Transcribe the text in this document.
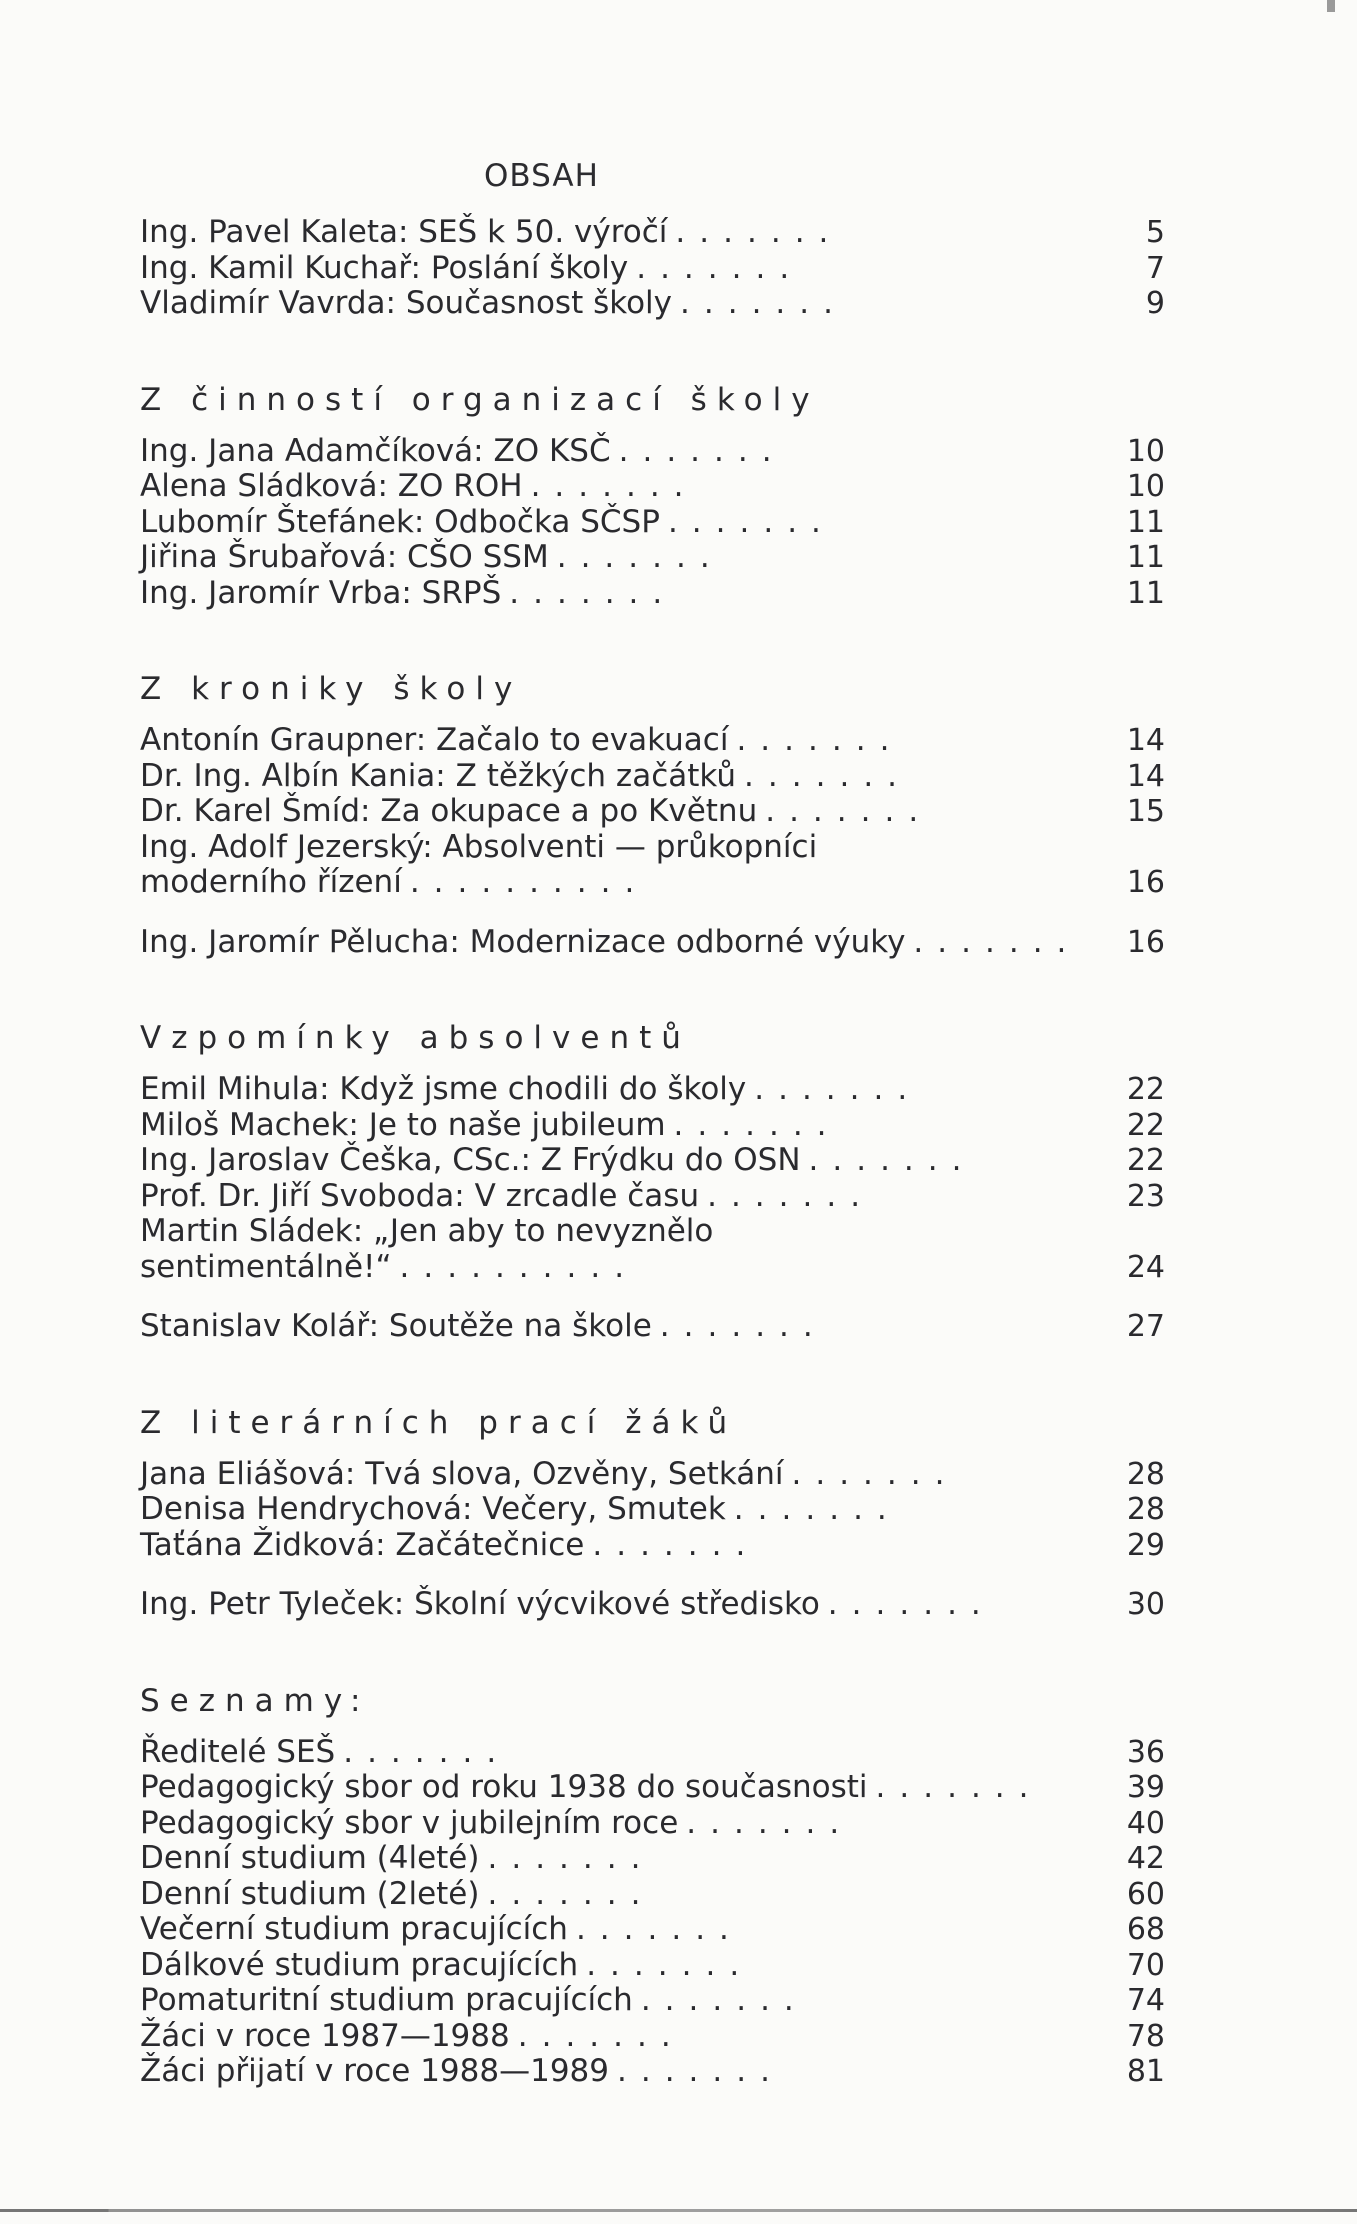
OBSAH
Ing. Pavel Kaleta: SEŠ k 50. výročí .......	5
Ing. Kamil Kuchař: Poslání školy .......	7
Vladimír Vavrda: Současnost školy .......	9
Z činností organizací školy
Ing. Jana Adamčíková: ZO KSČ .......	10
Alena Sládková: ZO ROH .......	10
Lubomír Štefánek: Odbočka SČSP .......	11
Jiřina Šrubařová: CŠO SSM .......	11
Ing. Jaromír Vrba: SRPŠ .......	11
Z kroniky školy
Antonín Graupner: Začalo to evakuací .......	14
Dr. Ing. Albín Kania: Z těžkých začátků .......	14
Dr. Karel Šmíd: Za okupace a po Květnu .......	15
Ing. Adolf Jezerský: Absolventi — průkopníci
moderního řízení ..........	16
Ing. Jaromír Pělucha: Modernizace odborné výuky .......	16
Vzpomínky absolventů
Emil Mihula: Když jsme chodili do školy .......	22
Miloš Machek: Je to naše jubileum .......	22
Ing. Jaroslav Češka, CSc.: Z Frýdku do OSN .......	22
Prof. Dr. Jiří Svoboda: V zrcadle času .......	23
Martin Sládek: „Jen aby to nevyznělo
sentimentálně!“ ..........	24
Stanislav Kolář: Soutěže na škole .......	27
Z literárních prací žáků
Jana Eliášová: Tvá slova, Ozvěny, Setkání .......	28
Denisa Hendrychová: Večery, Smutek .......	28
Taťána Židková: Začátečnice .......	29
Ing. Petr Tyleček: Školní výcvikové středisko .......	30
Seznamy:
Ředitelé SEŠ .......	36
Pedagogický sbor od roku 1938 do současnosti .......	39
Pedagogický sbor v jubilejním roce .......	40
Denní studium (4leté) .......	42
Denní studium (2leté) .......	60
Večerní studium pracujících .......	68
Dálkové studium pracujících .......	70
Pomaturitní studium pracujících .......	74
Žáci v roce 1987—1988 .......	78
Žáci přijatí v roce 1988—1989 .......	81
